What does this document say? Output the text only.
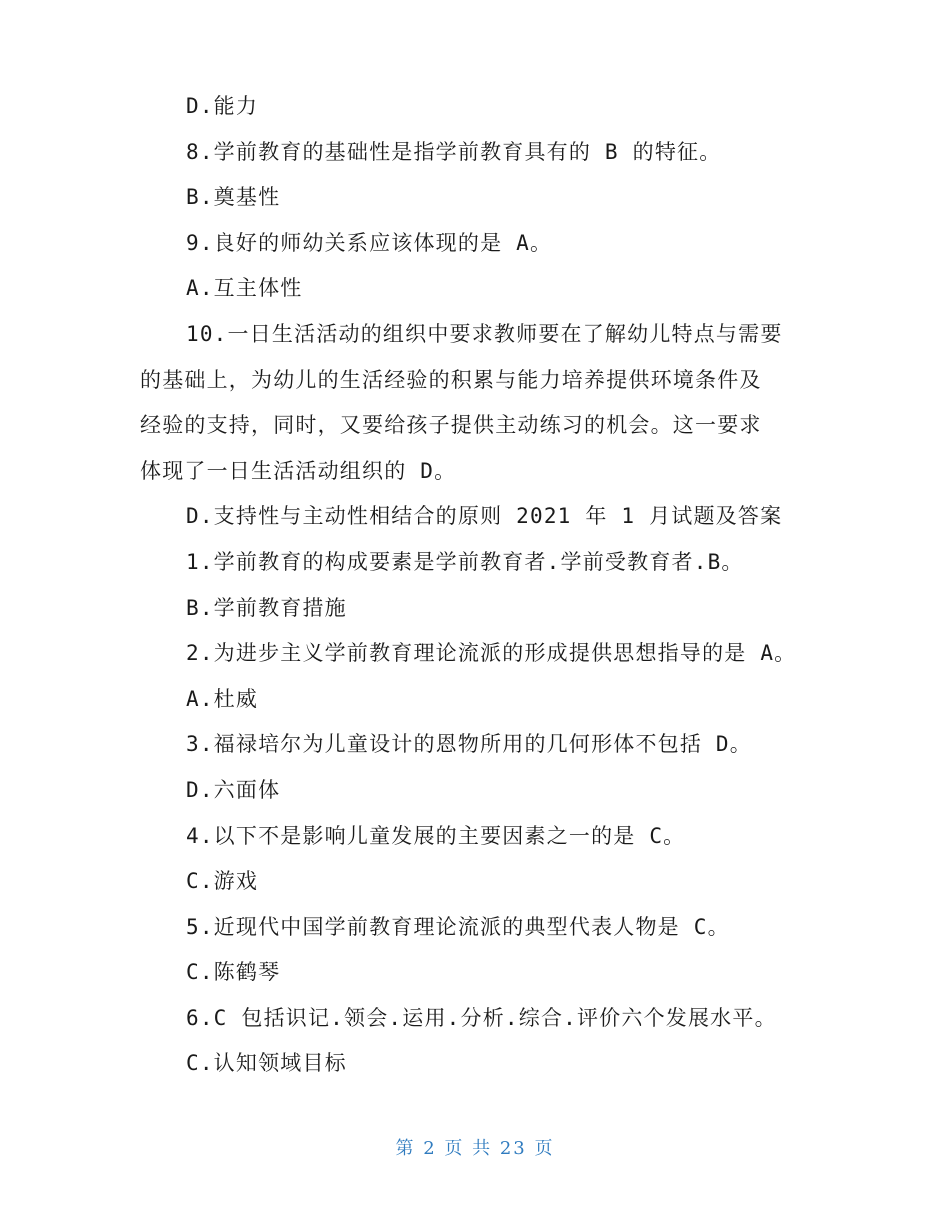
D.能力
8.学前教育的基础性是指学前教育具有的 B 的特征。
B.奠基性
9.良好的师幼关系应该体现的是 A。
A.互主体性
10.一日生活活动的组织中要求教师要在了解幼儿特点与需要
的基础上，为幼儿的生活经验的积累与能力培养提供环境条件及
经验的支持，同时，又要给孩子提供主动练习的机会。这一要求
体现了一日生活活动组织的 D。
D.支持性与主动性相结合的原则 2021 年 1 月试题及答案
1.学前教育的构成要素是学前教育者.学前受教育者.B。
B.学前教育措施
2.为进步主义学前教育理论流派的形成提供思想指导的是 A。
A.杜威
3.福禄培尔为儿童设计的恩物所用的几何形体不包括 D。
D.六面体
4.以下不是影响儿童发展的主要因素之一的是 C。
C.游戏
5.近现代中国学前教育理论流派的典型代表人物是 C。
C.陈鹤琴
6.C 包括识记.领会.运用.分析.综合.评价六个发展水平。
C.认知领域目标
第 2 页 共 23 页
